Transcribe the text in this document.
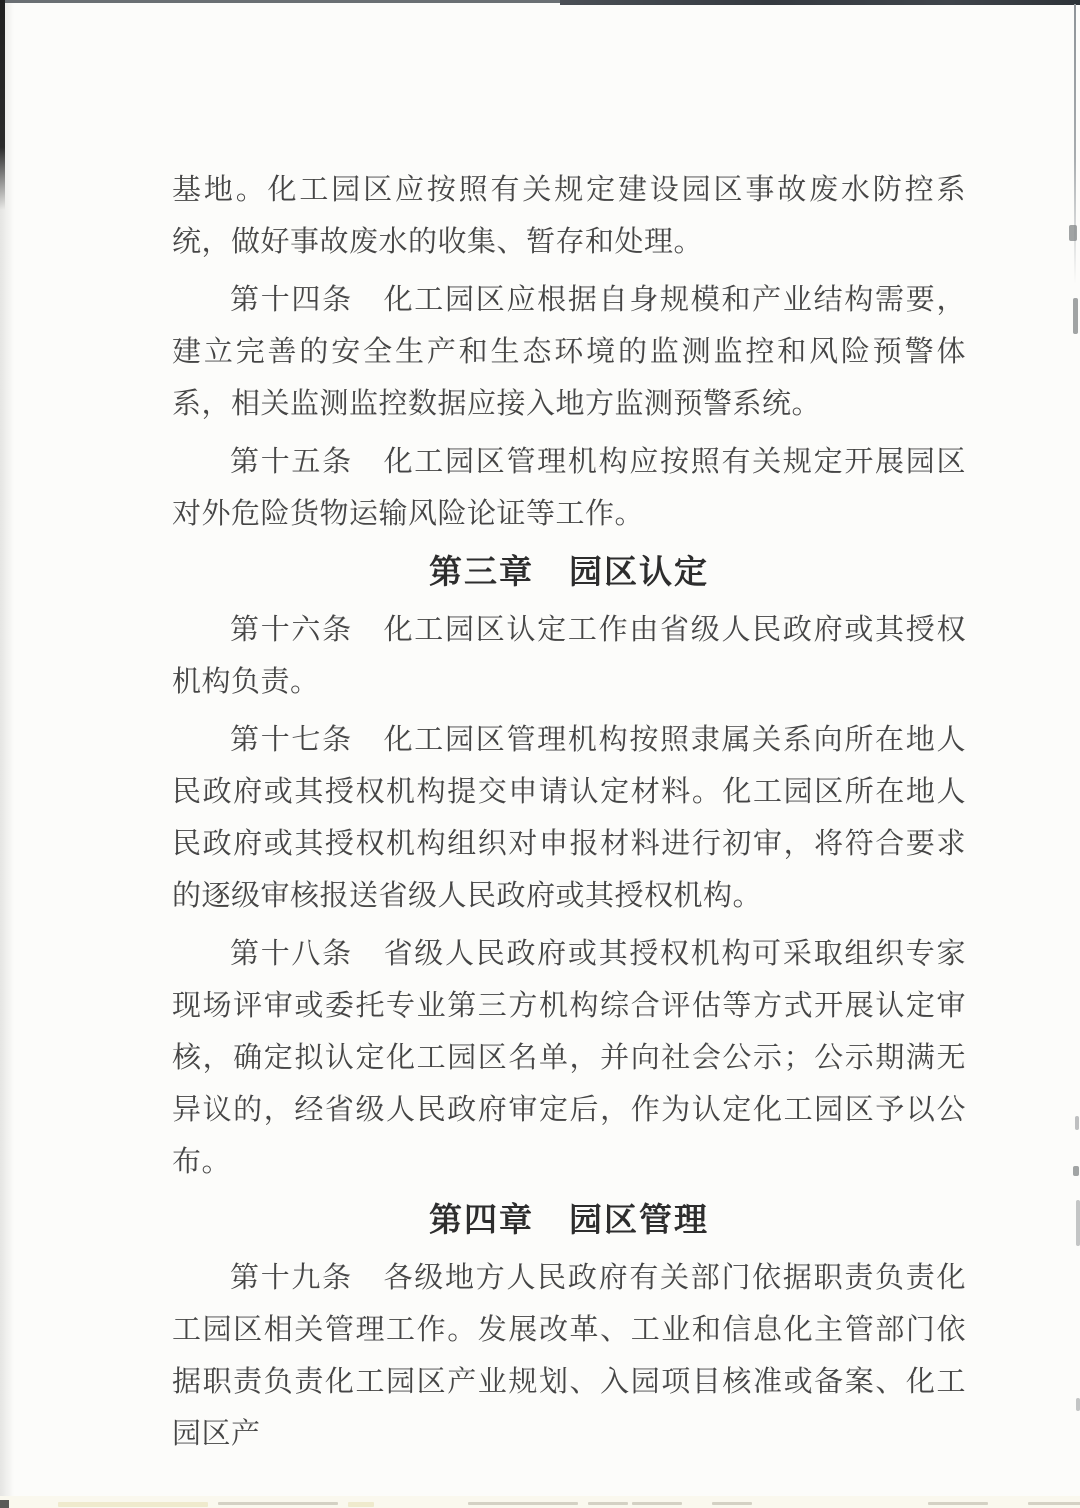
基地。化工园区应按照有关规定建设园区事故废水防控系统，做好事故废水的收集、暂存和处理。

第十四条　化工园区应根据自身规模和产业结构需要，建立完善的安全生产和生态环境的监测监控和风险预警体系，相关监测监控数据应接入地方监测预警系统。

第十五条　化工园区管理机构应按照有关规定开展园区对外危险货物运输风险论证等工作。

第三章　园区认定

第十六条　化工园区认定工作由省级人民政府或其授权机构负责。

第十七条　化工园区管理机构按照隶属关系向所在地人民政府或其授权机构提交申请认定材料。化工园区所在地人民政府或其授权机构组织对申报材料进行初审，将符合要求的逐级审核报送省级人民政府或其授权机构。

第十八条　省级人民政府或其授权机构可采取组织专家现场评审或委托专业第三方机构综合评估等方式开展认定审核，确定拟认定化工园区名单，并向社会公示；公示期满无异议的，经省级人民政府审定后，作为认定化工园区予以公布。

第四章　园区管理

第十九条　各级地方人民政府有关部门依据职责负责化工园区相关管理工作。发展改革、工业和信息化主管部门依据职责负责化工园区产业规划、入园项目核准或备案、化工园区产
